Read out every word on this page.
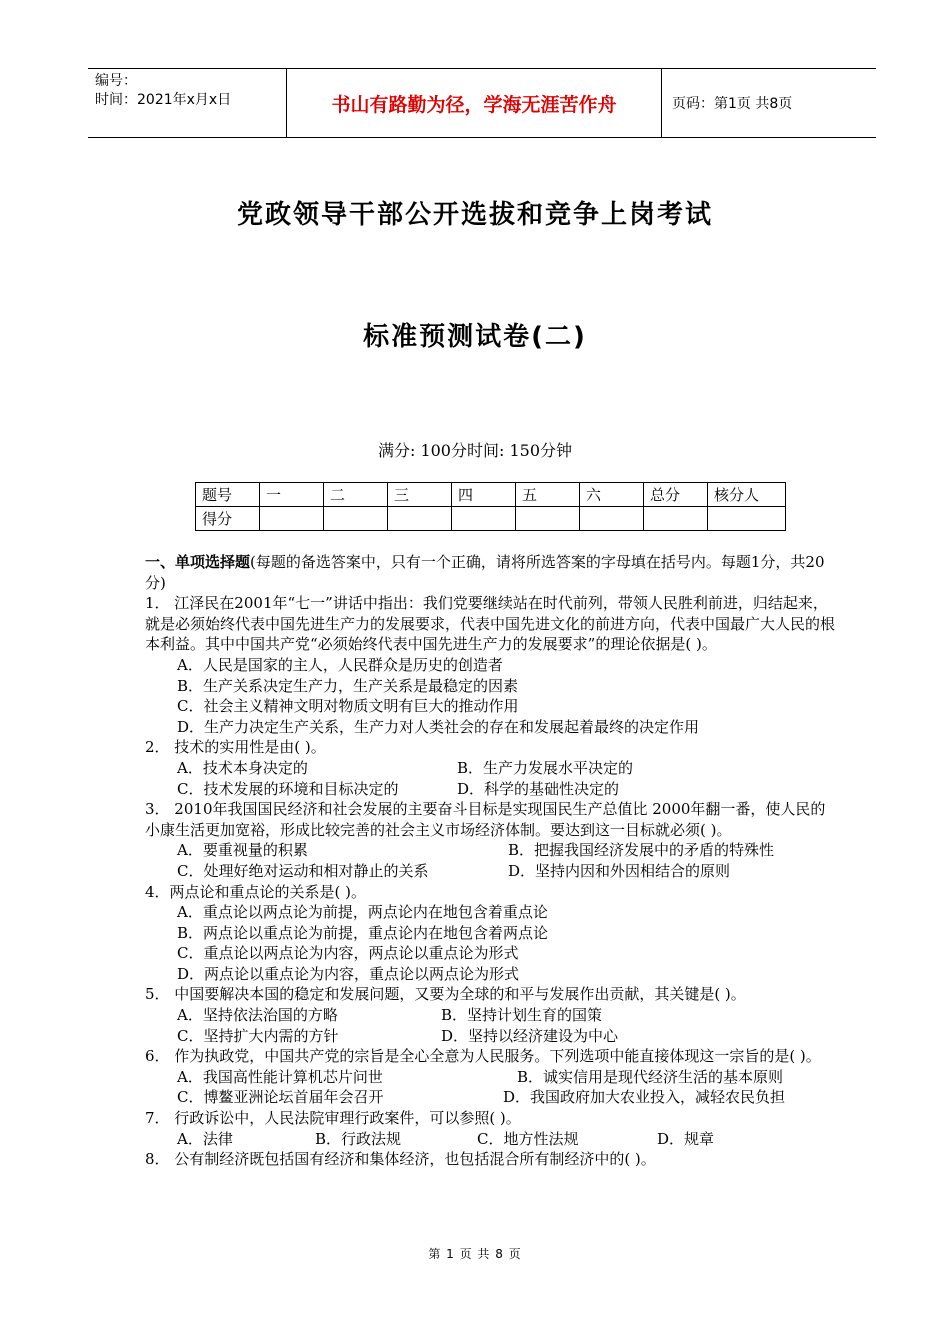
编号：
时间：2021年x月x日	书山有路勤为径，学海无涯苦作舟	页码：第1页 共8页
党政领导干部公开选拔和竞争上岗考试
标准预测试卷(二)
满分: 100分时间: 150分钟
题号	一	二	三	四	五	六	总分	核分人
得分								

一、单项选择题(每题的备选答案中，只有一个正确，请将所选答案的字母填在括号内。每题1分，共20分)

1． 江泽民在2001年“七一”讲话中指出：我们党要继续站在时代前列，带领人民胜利前进，归结起来，就是必须始终代表中国先进生产力的发展要求，代表中国先进文化的前进方向，代表中国最广大人民的根本利益。其中中国共产党“必须始终代表中国先进生产力的发展要求”的理论依据是( )。

A．人民是国家的主人，人民群众是历史的创造者

B．生产关系决定生产力，生产关系是最稳定的因素

C．社会主义精神文明对物质文明有巨大的推动作用

D．生产力决定生产关系，生产力对人类社会的存在和发展起着最终的决定作用

2． 技术的实用性是由( )。

A．技术本身决定的	B．生产力发展水平决定的
C．技术发展的环境和目标决定的	D．科学的基础性决定的

3． 2010年我国国民经济和社会发展的主要奋斗目标是实现国民生产总值比 2000年翻一番，使人民的小康生活更加宽裕，形成比较完善的社会主义市场经济体制。要达到这一目标就必须( )。

A．要重视量的积累	B．把握我国经济发展中的矛盾的特殊性
C．处理好绝对运动和相对静止的关系	D．坚持内因和外因相结合的原则

4．两点论和重点论的关系是( )。

A．重点论以两点论为前提，两点论内在地包含着重点论

B．两点论以重点论为前提，重点论内在地包含着两点论

C．重点论以两点论为内容，两点论以重点论为形式

D．两点论以重点论为内容，重点论以两点论为形式

5． 中国要解决本国的稳定和发展问题，又要为全球的和平与发展作出贡献，其关键是( )。

A．坚持依法治国的方略	B．坚持计划生育的国策
C．坚持扩大内需的方针	D．坚持以经济建设为中心

6． 作为执政党，中国共产党的宗旨是全心全意为人民服务。下列选项中能直接体现这一宗旨的是( )。

A．我国高性能计算机芯片问世	B．诚实信用是现代经济生活的基本原则
C．博鳌亚洲论坛首届年会召开	D．我国政府加大农业投入，减轻农民负担

7． 行政诉讼中，人民法院审理行政案件，可以参照( )。

A．法律	B．行政法规	C．地方性法规	D．规章

8． 公有制经济既包括国有经济和集体经济，也包括混合所有制经济中的( )。

第 1 页 共 8 页
